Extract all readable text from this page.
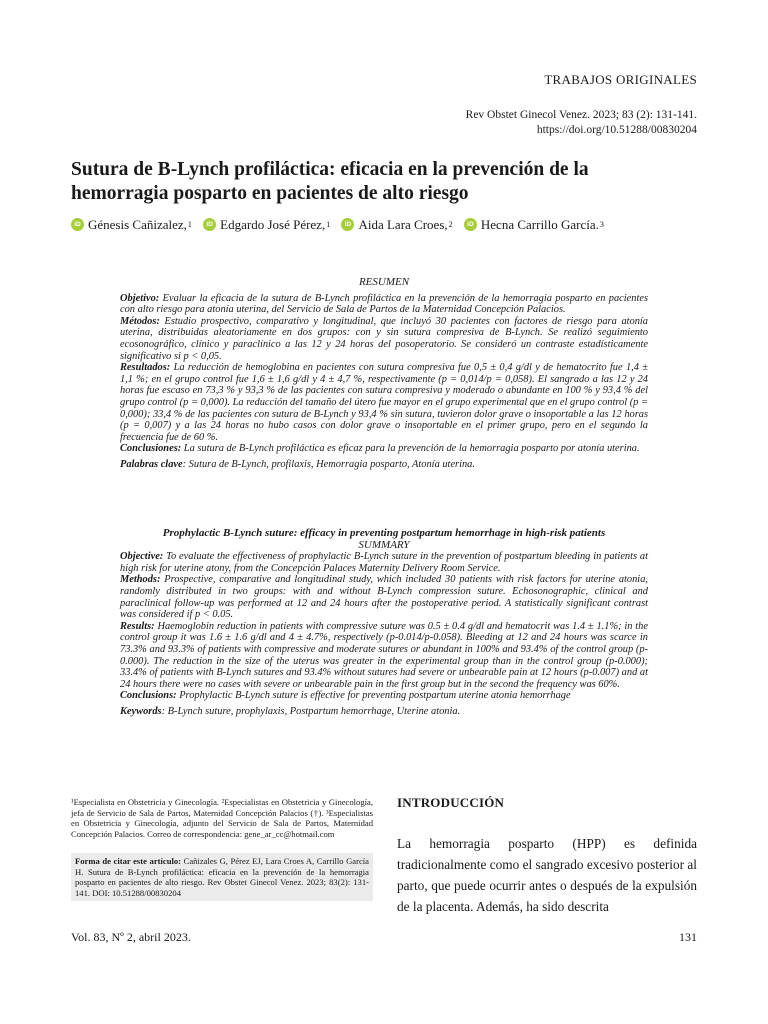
TRABAJOS ORIGINALES
Rev Obstet Ginecol Venez. 2023; 83 (2): 131-141.
https://doi.org/10.51288/00830204
Sutura de B-Lynch profiláctica: eficacia en la prevención de la hemorragia posparto en pacientes de alto riesgo
iD Génesis Cañizalez, 1
	iD Edgardo José Pérez, 1
	iD Aida Lara Croes, 2
	iD Hecna Carrillo García. 3

RESUMEN

Objetivo: Evaluar la eficacia de la sutura de B-Lynch profiláctica en la prevención de la hemorragia posparto en pacientes con alto riesgo para atonía uterina, del Servicio de Sala de Partos de la Maternidad Concepción Palacios.

Métodos: Estudio prospectivo, comparativo y longitudinal, que incluyó 30 pacientes con factores de riesgo para atonía uterina, distribuidas aleatoriamente en dos grupos: con y sin sutura compresiva de B-Lynch. Se realizó seguimiento ecosonográfico, clínico y paraclínico a las 12 y 24 horas del posoperatorio. Se consideró un contraste estadísticamente significativo si p < 0,05.

Resultados: La reducción de hemoglobina en pacientes con sutura compresiva fue 0,5 ± 0,4 g/dl y de hematocrito fue 1,4 ± 1,1 %; en el grupo control fue 1,6 ± 1,6 g/dl y 4 ± 4,7 %, respectivamente (p = 0,014/p = 0,058). El sangrado a las 12 y 24 horas fue escaso en 73,3 % y 93,3 % de las pacientes con sutura compresiva y moderado o abundante en 100 % y 93,4 % del grupo control (p = 0,000). La reducción del tamaño del útero fue mayor en el grupo experimental que en el grupo control (p = 0,000); 33,4 % de las pacientes con sutura de B-Lynch y 93,4 % sin sutura, tuvieron dolor grave o insoportable a las 12 horas (p = 0,007) y a las 24 horas no hubo casos con dolor grave o insoportable en el primer grupo, pero en el segundo la frecuencia fue de 60 %.

Conclusiones: La sutura de B-Lynch profiláctica es eficaz para la prevención de la hemorragia posparto por atonía uterina.

Palabras clave: Sutura de B-Lynch, profilaxis, Hemorragia posparto, Atonía uterina.

Prophylactic B-Lynch suture: efficacy in preventing postpartum hemorrhage in high-risk patients

SUMMARY

Objective: To evaluate the effectiveness of prophylactic B-Lynch suture in the prevention of postpartum bleeding in patients at high risk for uterine atony, from the Concepción Palaces Maternity Delivery Room Service.

Methods: Prospective, comparative and longitudinal study, which included 30 patients with risk factors for uterine atonia, randomly distributed in two groups: with and without B-Lynch compression suture. Echosonographic, clinical and paraclinical follow-up was performed at 12 and 24 hours after the postoperative period. A statistically significant contrast was considered if p < 0.05.

Results: Haemoglobin reduction in patients with compressive suture was 0.5 ± 0.4 g/dl and hematocrit was 1.4 ± 1.1%; in the control group it was 1.6 ± 1.6 g/dl and 4 ± 4.7%, respectively (p-0.014/p-0.058). Bleeding at 12 and 24 hours was scarce in 73.3% and 93.3% of patients with compressive and moderate sutures or abundant in 100% and 93.4% of the control group (p-0.000). The reduction in the size of the uterus was greater in the experimental group than in the control group (p-0.000); 33.4% of patients with B-Lynch sutures and 93.4% without sutures had severe or unbearable pain at 12 hours (p-0.007) and at 24 hours there were no cases with severe or unbearable pain in the first group but in the second the frequency was 60%.

Conclusions: Prophylactic B-Lynch suture is effective for preventing postpartum uterine atonia hemorrhage

Keywords: B-Lynch suture, prophylaxis, Postpartum hemorrhage, Uterine atonia.

¹Especialista en Obstetricia y Ginecología. ²Especialistas en Obstetricia y Ginecología, jefa de Servicio de Sala de Partos, Maternidad Concepción Palacios (†). ³Especialistas en Obstetricia y Ginecología, adjunto del Servicio de Sala de Partos, Maternidad Concepción Palacios. Correo de correspondencia: gene_ar_cc@hotmail.com
Forma de citar este artículo: Cañizales G, Pérez EJ, Lara Croes A, Carrillo García H. Sutura de B-Lynch profiláctica: eficacia en la prevención de la hemorragia posparto en pacientes de alto riesgo. Rev Obstet Ginecol Venez. 2023; 83(2): 131-141. DOI: 10.51288/00830204
INTRODUCCIÓN
La hemorragia posparto (HPP) es definida tradicionalmente como el sangrado excesivo posterior al parto, que puede ocurrir antes o después de la expulsión de la placenta. Además, ha sido descrita
Vol. 83, Nº 2, abril 2023.	131
